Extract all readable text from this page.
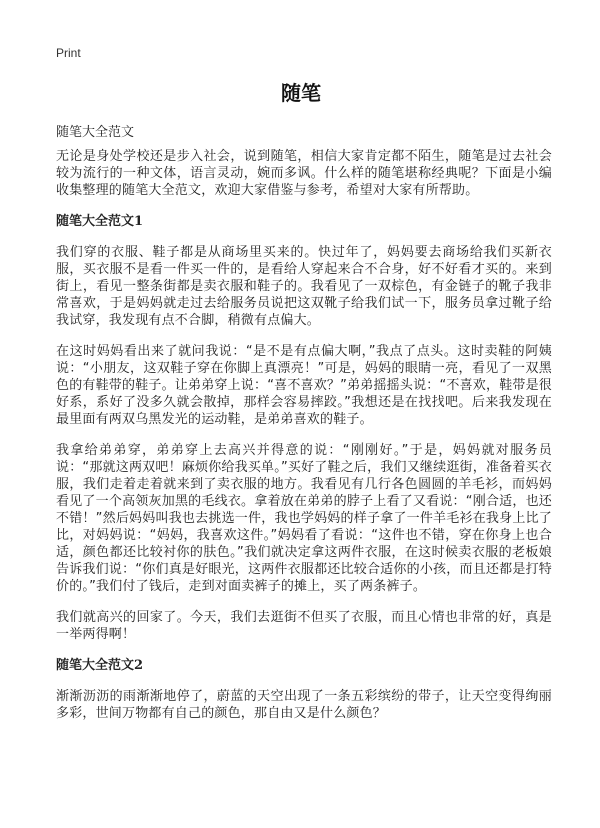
Print
随笔
随笔大全范文

无论是身处学校还是步入社会，说到随笔，相信大家肯定都不陌生，随笔是过去社会较为流行的一种文体，语言灵动，婉而多讽。什么样的随笔堪称经典呢？下面是小编收集整理的随笔大全范文，欢迎大家借鉴与参考，希望对大家有所帮助。

随笔大全范文1

我们穿的衣服、鞋子都是从商场里买来的。快过年了，妈妈要去商场给我们买新衣服，买衣服不是看一件买一件的，是看给人穿起来合不合身，好不好看才买的。来到街上，看见一整条街都是卖衣服和鞋子的。我看见了一双棕色，有金链子的靴子我非常喜欢，于是妈妈就走过去给服务员说把这双靴子给我们试一下，服务员拿过靴子给我试穿，我发现有点不合脚，稍微有点偏大。

在这时妈妈看出来了就问我说：“是不是有点偏大啊，”我点了点头。这时卖鞋的阿姨说：“小朋友，这双鞋子穿在你脚上真漂亮！”可是，妈妈的眼睛一亮，看见了一双黑色的有鞋带的鞋子。让弟弟穿上说：“喜不喜欢？”弟弟摇摇头说：“不喜欢，鞋带是很好系，系好了没多久就会散掉，那样会容易摔跤。”我想还是在找找吧。后来我发现在最里面有两双乌黑发光的运动鞋，是弟弟喜欢的鞋子。

我拿给弟弟穿，弟弟穿上去高兴并得意的说：“刚刚好。”于是，妈妈就对服务员说：“那就这两双吧！麻烦你给我买单。”买好了鞋之后，我们又继续逛街，准备着买衣服，我们走着走着就来到了卖衣服的地方。我看见有几行各色圆圆的羊毛衫，而妈妈看见了一个高领灰加黑的毛线衣。拿着放在弟弟的脖子上看了又看说：“刚合适，也还不错！”然后妈妈叫我也去挑选一件，我也学妈妈的样子拿了一件羊毛衫在我身上比了比，对妈妈说：“妈妈，我喜欢这件。”妈妈看了看说：“这件也不错，穿在你身上也合适，颜色都还比较衬你的肤色。”我们就决定拿这两件衣服，在这时候卖衣服的老板娘告诉我们说：“你们真是好眼光，这两件衣服都还比较合适你的小孩，而且还都是打特价的。”我们付了钱后，走到对面卖裤子的摊上，买了两条裤子。

我们就高兴的回家了。今天，我们去逛街不但买了衣服，而且心情也非常的好，真是一举两得啊！

随笔大全范文2

渐渐沥沥的雨渐渐地停了，蔚蓝的天空出现了一条五彩缤纷的带子，让天空变得绚丽多彩，世间万物都有自己的颜色，那自由又是什么颜色？
